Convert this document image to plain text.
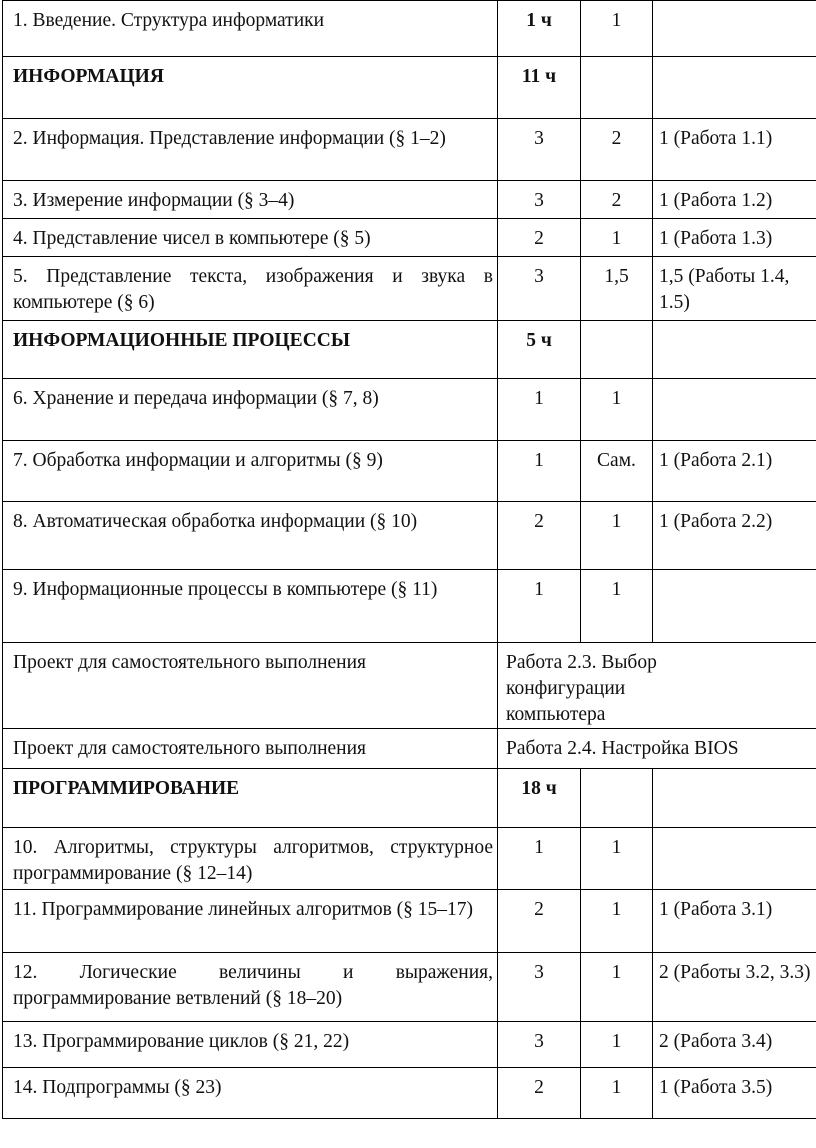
1. Введение. Структура информатики	1 ч	1	
ИНФОРМАЦИЯ	11 ч		
2. Информация. Представление информации (§ 1–2)	3	2	1 (Работа 1.1)
3. Измерение информации (§ 3–4)	3	2	1 (Работа 1.2)
4. Представление чисел в компьютере (§ 5)	2	1	1 (Работа 1.3)
5. Представление текста, изображения и звука в компьютере (§ 6)	3	1,5	1,5 (Работы 1.4, 1.5)
ИНФОРМАЦИОННЫЕ ПРОЦЕССЫ	5 ч		
6. Хранение и передача информации (§ 7, 8)	1	1	
7. Обработка информации и алгоритмы (§ 9)	1	Сам.	1 (Работа 2.1)
8. Автоматическая обработка информации (§ 10)	2	1	1 (Работа 2.2)
9. Информационные процессы в компьютере (§ 11)	1	1	
Проект для самостоятельного выполнения	Работа 2.3. Выбор конфигурации компьютера		
Проект для самостоятельного выполнения	Работа 2.4. Настройка BIOS		
ПРОГРАММИРОВАНИЕ	18 ч		
10. Алгоритмы, структуры алгоритмов, структурное программирование (§ 12–14)	1	1	
11. Программирование линейных алгоритмов (§ 15–17)	2	1	1 (Работа 3.1)
12. Логические величины и выражения, программирование ветвлений (§ 18–20)	3	1	2 (Работы 3.2, 3.3)
13. Программирование циклов (§ 21, 22)	3	1	2 (Работа 3.4)
14. Подпрограммы (§ 23)	2	1	1 (Работа 3.5)
